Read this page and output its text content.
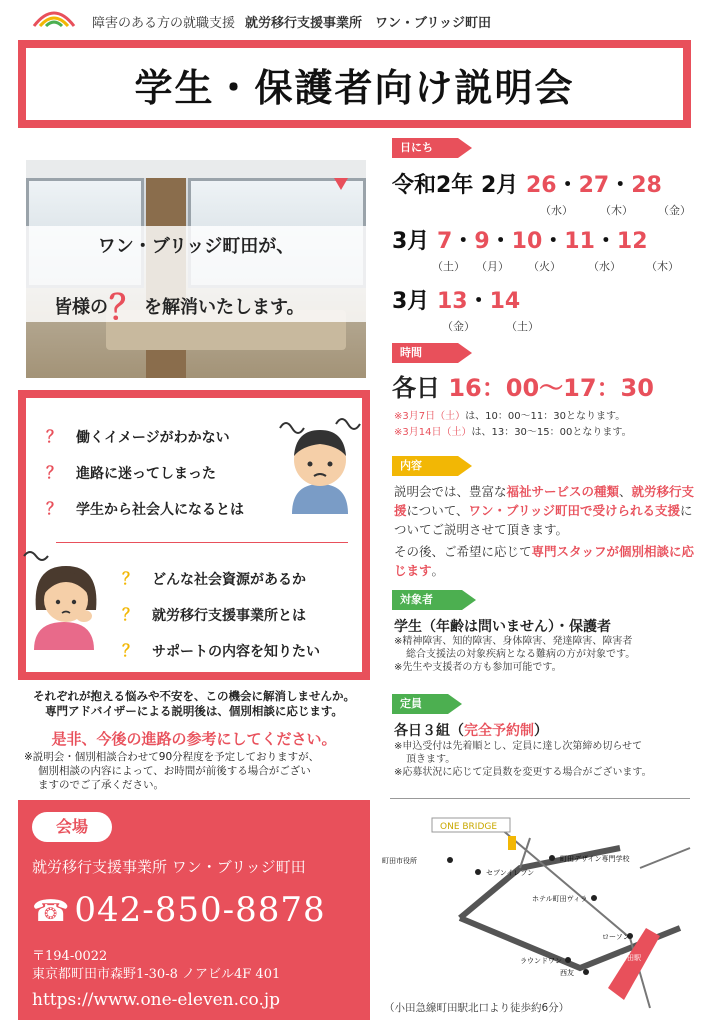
障害のある方の就職支援 就労移行支援事業所　ワン・ブリッジ町田
学生・保護者向け説明会
ワン・ブリッジ町田が、
皆様の？を解消いたします。
？ 働くイメージがわかない
？ 進路に迷ってしまった
？ 学生から社会人になるとは
？ どんな社会資源があるか
？ 就労移行支援事業所とは
？ サポートの内容を知りたい
それぞれが抱える悩みや不安を、この機会に解消しませんか。
専門アドバイザーによる説明後は、個別相談に応じます。
是非、今後の進路の参考にしてください。
※説明会・個別相談合わせて90分程度を予定しておりますが、
個別相談の内容によって、お時間が前後する場合がござい
ますのでご了承ください。
日にち
令和2年 2月 26・27・28
（水） （木） （金）
3月 7・9・10・11・12
（土） （月） （火） （水） （木）
3月 13・14
（金）	（土）
時間
各日 16：00～17：30
※3月7日（土）は、10：00～11：30となります。
※3月14日（土）は、13：30～15：00となります。
内容
説明会では、豊富な福祉サービスの種類、就労移行支援について、ワン・ブリッジ町田で受けられる支援についてご説明させて頂きます。
その後、ご希望に応じて専門スタッフが個別相談に応じます。
対象者
学生（年齢は問いません）・保護者
※精神障害、知的障害、身体障害、発達障害、障害者
総合支援法の対象疾病となる難病の方が対象です。
※先生や支援者の方も参加可能です。
定員
各日３組（完全予約制）
※申込受付は先着順とし、定員に達し次第締め切らせて
頂きます。
※応募状況に応じて定員数を変更する場合がございます。
会場
就労移行支援事業所 ワン・ブリッジ町田
☎ 042-850-8878
〒194-0022
東京都町田市森野1-30-8 ノアビル4F 401
https://www.one-eleven.co.jp
ONE BRIDGE
町田市役所
セブンイレブン
町田デザイン専門学校
ホテル町田ヴィラ
ローソン
ラウンドワン
西友
町田駅
（小田急線町田駅北口より徒歩約6分）
